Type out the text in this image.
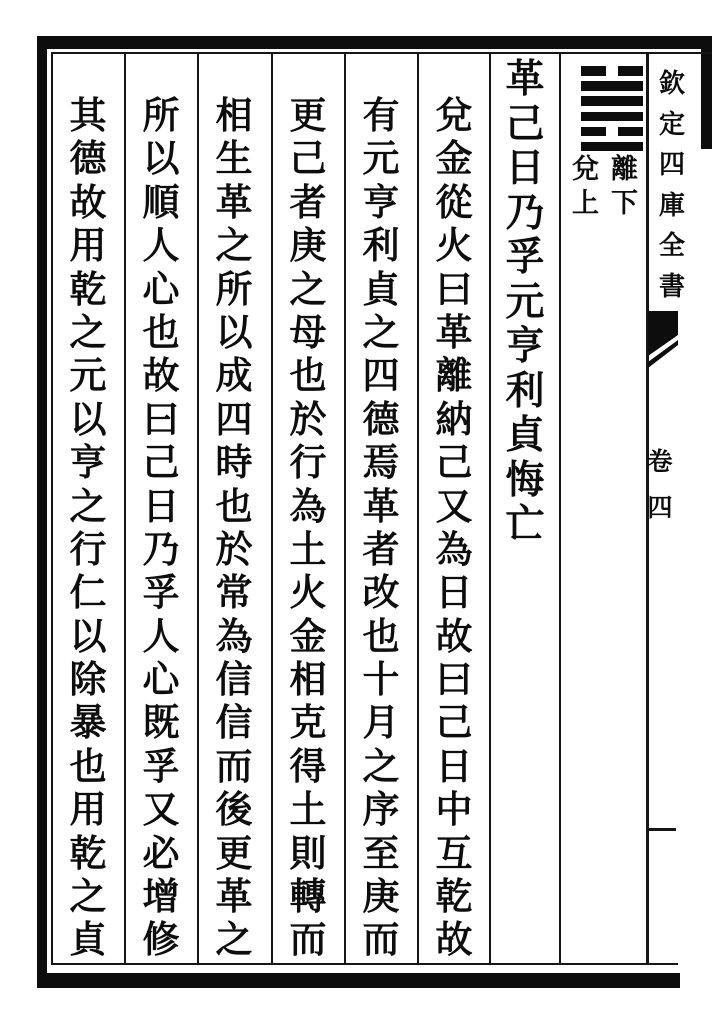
欽
定
四
庫
全
書
卷
四
兌
上
離
下
革
己
日
乃
孚
元
亨
利
貞
悔
亡
兌
金
從
火
曰
革
離
納
己
又
為
日
故
曰
己
日
中
互
乾
故
有
元
亨
利
貞
之
四
德
焉
革
者
改
也
十
月
之
序
至
庚
而
更
己
者
庚
之
母
也
於
行
為
土
火
金
相
克
得
土
則
轉
而
相
生
革
之
所
以
成
四
時
也
於
常
為
信
信
而
後
更
革
之
所
以
順
人
心
也
故
曰
己
日
乃
孚
人
心
既
孚
又
必
增
修
其
德
故
用
乾
之
元
以
亨
之
行
仁
以
除
暴
也
用
乾
之
貞
